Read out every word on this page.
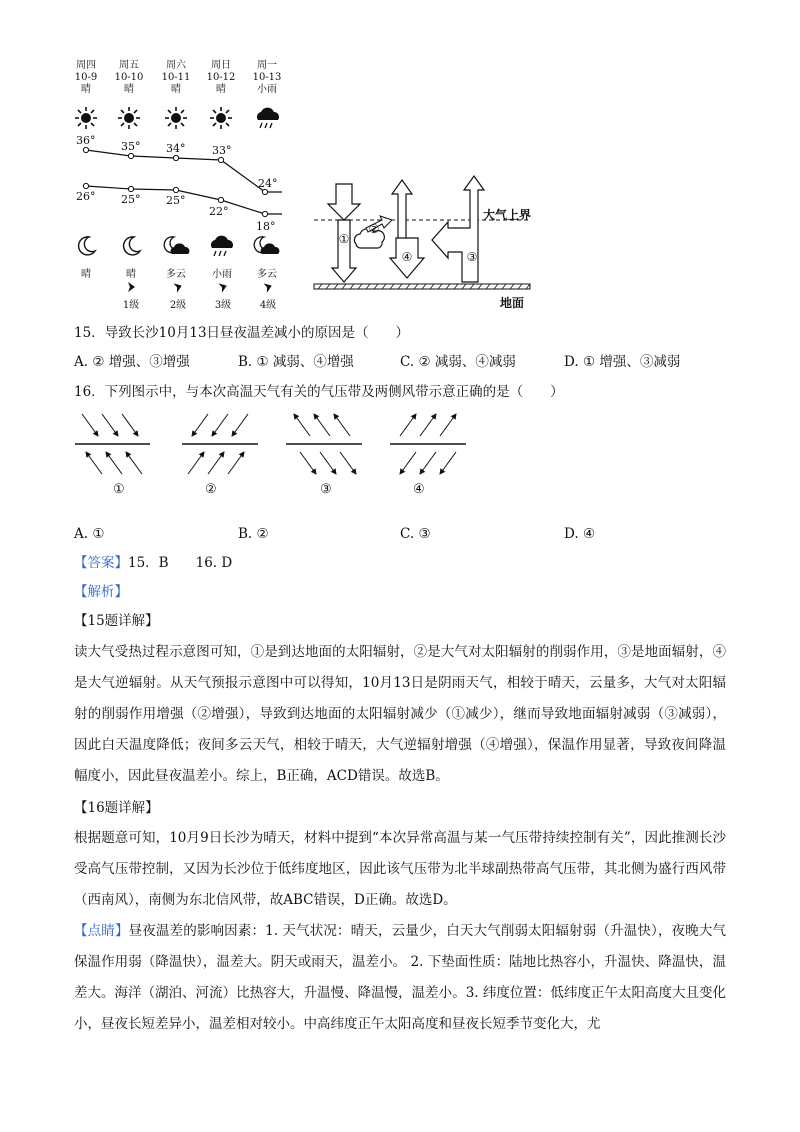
周四
10-9
晴
周五
10-10
晴
周六
10-11
晴
周日
10-12
晴
周一
10-13
小雨
36° 35° 34° 33°
24°
26° 25° 25°
22°
18°
晴	晴	多云	小雨	多云
1级	2级	3级	4级
①
②
③
④
大气上界
地面
15．导致长沙10月13日昼夜温差减小的原因是（　　）
A. ② 增强、③增强	B. ① 减弱、④增强	C. ② 减弱、④减弱	D. ① 增强、③减弱
16．下列图示中，与本次高温天气有关的气压带及两侧风带示意正确的是（　　）
①	②	③	④
A. ①	B. ②	C. ③	D. ④
【答案】15．B　　16. D
【解析】
【15题详解】
读大气受热过程示意图可知，①是到达地面的太阳辐射，②是大气对太阳辐射的削弱作用，③是地面辐射，④是大气逆辐射。从天气预报示意图中可以得知，10月13日是阴雨天气，相较于晴天，云量多，大气对太阳辐射的削弱作用增强（②增强），导致到达地面的太阳辐射减少（①减少），继而导致地面辐射减弱（③减弱），因此白天温度降低；夜间多云天气，相较于晴天，大气逆辐射增强（④增强），保温作用显著，导致夜间降温幅度小，因此昼夜温差小。综上，B正确，ACD错误。故选B。
【16题详解】
根据题意可知，10月9日长沙为晴天，材料中提到“本次异常高温与某一气压带持续控制有关”，因此推测长沙受高气压带控制，又因为长沙位于低纬度地区，因此该气压带为北半球副热带高气压带，其北侧为盛行西风带（西南风），南侧为东北信风带，故ABC错误，D正确。故选D。
【点睛】昼夜温差的影响因素：1. 天气状况：晴天，云量少，白天大气削弱太阳辐射弱（升温快），夜晚大气保温作用弱（降温快），温差大。阴天或雨天，温差小。 2. 下垫面性质：陆地比热容小，升温快、降温快，温差大。海洋（湖泊、河流）比热容大，升温慢、降温慢，温差小。3. 纬度位置：低纬度正午太阳高度大且变化小，昼夜长短差异小，温差相对较小。中高纬度正午太阳高度和昼夜长短季节变化大，尤
